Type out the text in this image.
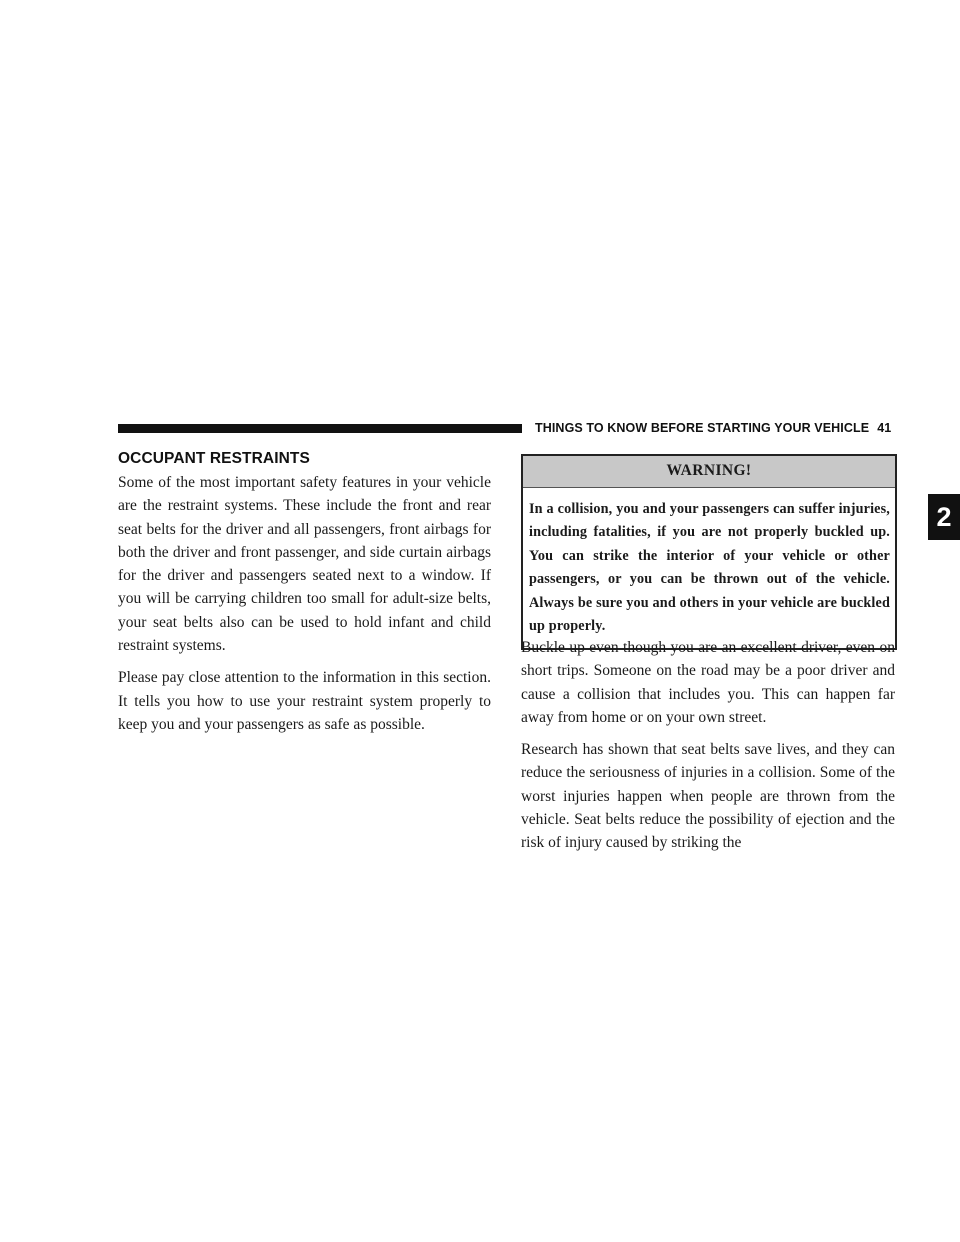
THINGS TO KNOW BEFORE STARTING YOUR VEHICLE 41
2
OCCUPANT RESTRAINTS

Some of the most important safety features in your vehicle are the restraint systems. These include the front and rear seat belts for the driver and all passengers, front airbags for both the driver and front passenger, and side curtain airbags for the driver and passengers seated next to a window. If you will be carrying children too small for adult-size belts, your seat belts also can be used to hold infant and child restraint systems.

Please pay close attention to the information in this section. It tells you how to use your restraint system properly to keep you and your passengers as safe as possible.

WARNING!

In a collision, you and your passengers can suffer injuries, including fatalities, if you are not properly buckled up. You can strike the interior of your vehicle or other passengers, or you can be thrown out of the vehicle. Always be sure you and others in your vehicle are buckled up properly.

Buckle up even though you are an excellent driver, even on short trips. Someone on the road may be a poor driver and cause a collision that includes you. This can happen far away from home or on your own street.

Research has shown that seat belts save lives, and they can reduce the seriousness of injuries in a collision. Some of the worst injuries happen when people are thrown from the vehicle. Seat belts reduce the possibility of ejection and the risk of injury caused by striking the
